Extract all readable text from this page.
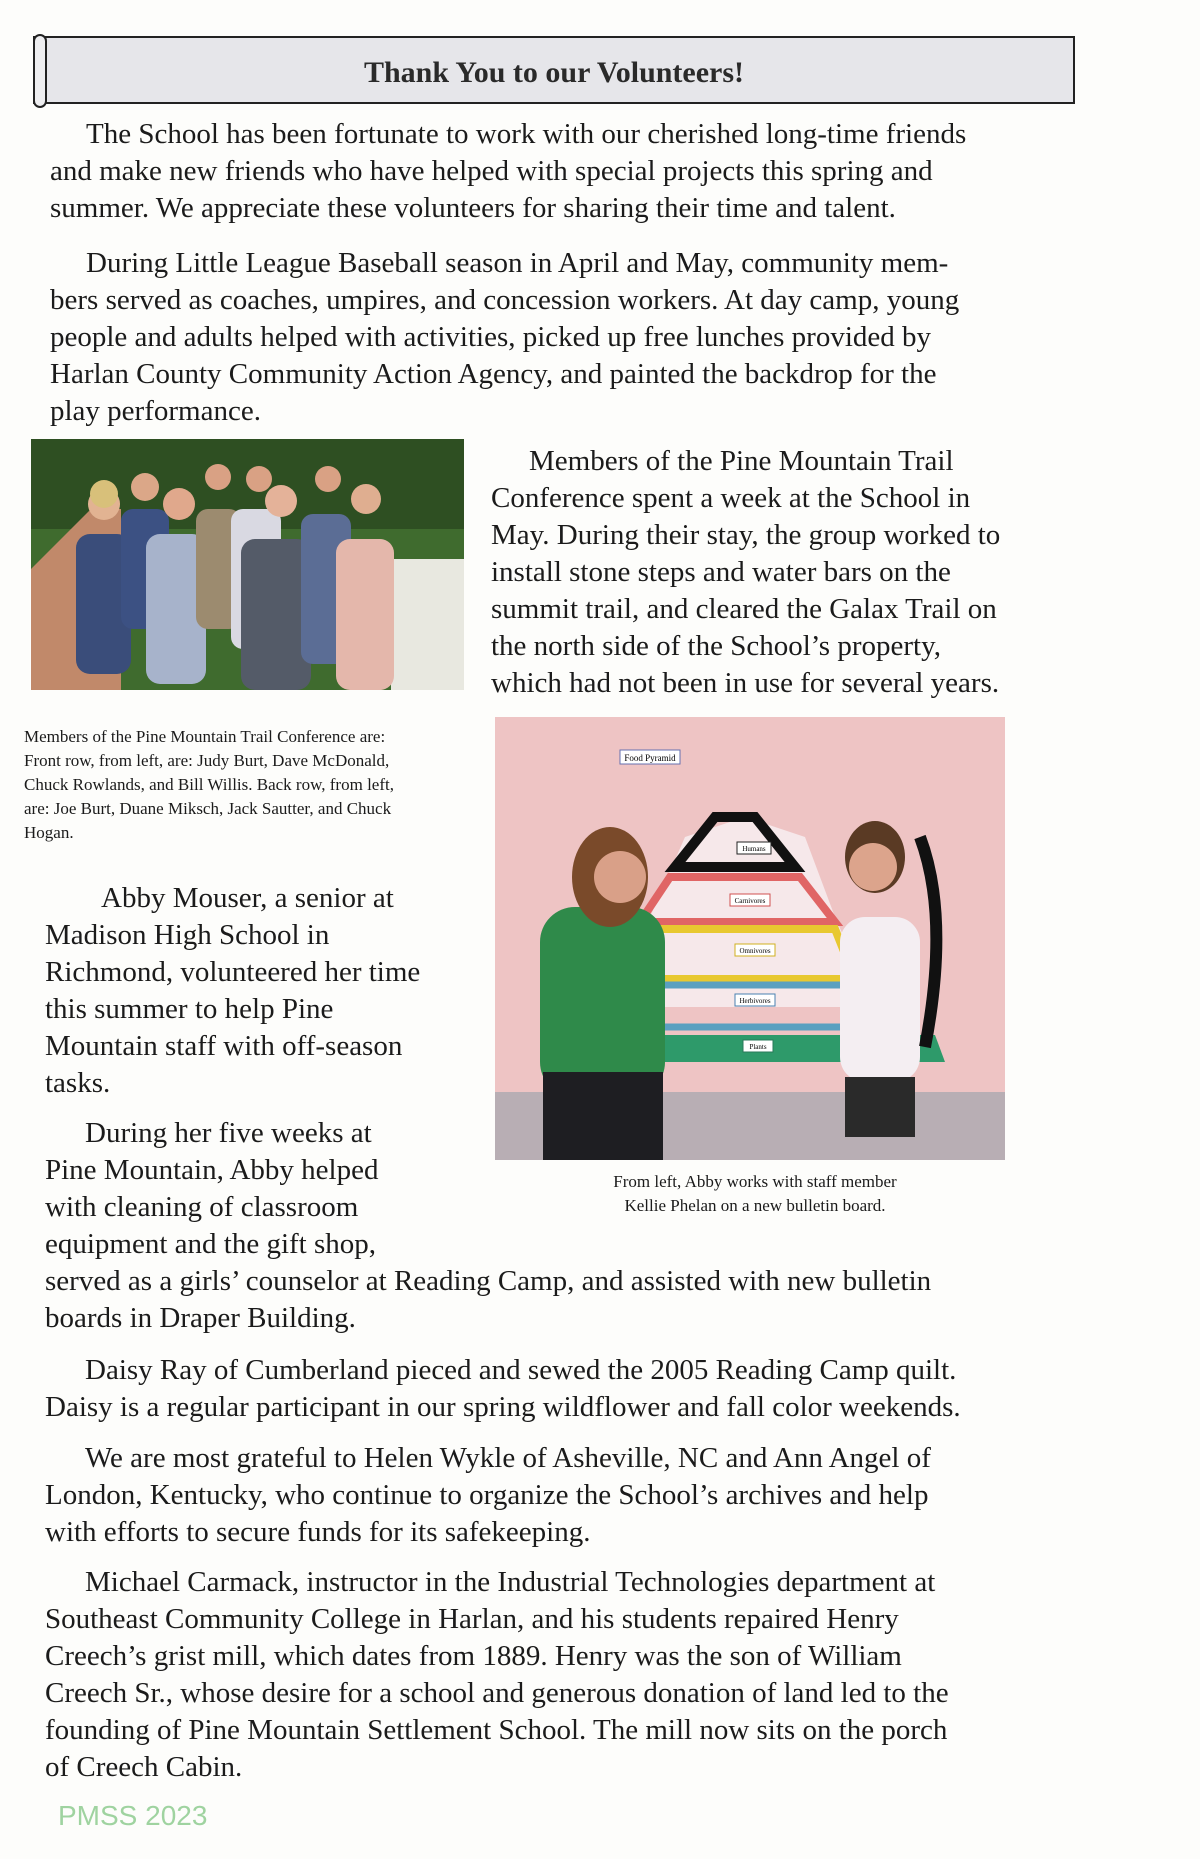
Thank You to our Volunteers!
The School has been fortunate to work with our cherished long-time friends
and make new friends who have helped with special projects this spring and
summer. We appreciate these volunteers for sharing their time and talent.
During Little League Baseball season in April and May, community mem-
bers served as coaches, umpires, and concession workers. At day camp, young
people and adults helped with activities, picked up free lunches provided by
Harlan County Community Action Agency, and painted the backdrop for the
play performance.
Members of the Pine Mountain Trail
Conference spent a week at the School in
May. During their stay, the group worked to
install stone steps and water bars on the
summit trail, and cleared the Galax Trail on
the north side of the School’s property,
which had not been in use for several years.
Members of the Pine Mountain Trail Conference are:
Front row, from left, are: Judy Burt, Dave McDonald,
Chuck Rowlands, and Bill Willis. Back row, from left,
are: Joe Burt, Duane Miksch, Jack Sautter, and Chuck
Hogan.
Food Pyramid
Humans
Carnivores
Omnivores
Herbivores
Plants
From left, Abby works with staff member
Kellie Phelan on a new bulletin board.
Abby Mouser, a senior at
Madison High School in
Richmond, volunteered her time
this summer to help Pine
Mountain staff with off-season
tasks.
During her five weeks at
Pine Mountain, Abby helped
with cleaning of classroom
equipment and the gift shop,
served as a girls’ counselor at Reading Camp, and assisted with new bulletin
boards in Draper Building.
Daisy Ray of Cumberland pieced and sewed the 2005 Reading Camp quilt.
Daisy is a regular participant in our spring wildflower and fall color weekends.
We are most grateful to Helen Wykle of Asheville, NC and Ann Angel of
London, Kentucky, who continue to organize the School’s archives and help
with efforts to secure funds for its safekeeping.
Michael Carmack, instructor in the Industrial Technologies department at
Southeast Community College in Harlan, and his students repaired Henry
Creech’s grist mill, which dates from 1889. Henry was the son of William
Creech Sr., whose desire for a school and generous donation of land led to the
founding of Pine Mountain Settlement School. The mill now sits on the porch
of Creech Cabin.
PMSS 2023
